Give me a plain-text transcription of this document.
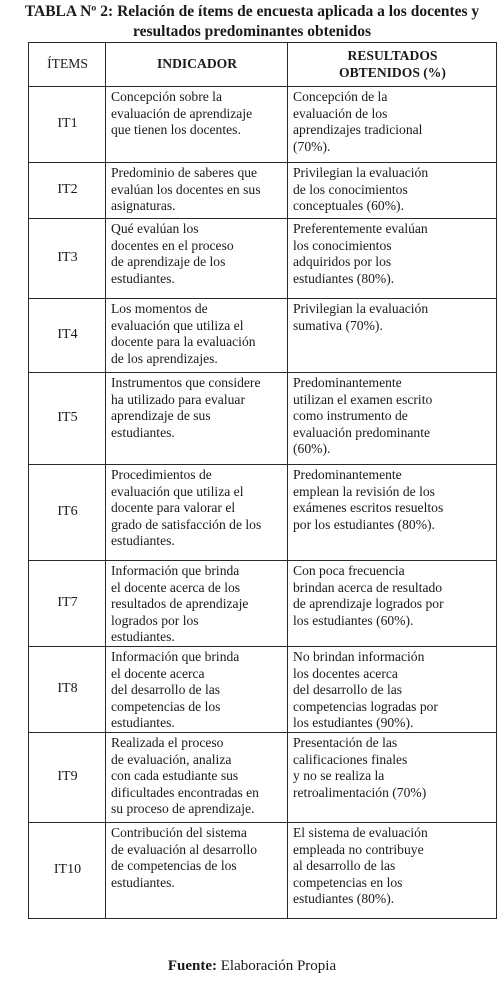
TABLA Nº 2: Relación de ítems de encuesta aplicada a los docentes y
resultados predominantes obtenidos
ÍTEMS	INDICADOR	RESULTADOS
OBTENIDOS (%)

IT1	Concepción sobre la
evaluación de aprendizaje
que tienen los docentes.	Concepción de la
evaluación de los
aprendizajes tradicional
(70%).

IT2	Predominio de saberes que
evalúan los docentes en sus
asignaturas.	Privilegian la evaluación
de los conocimientos
conceptuales (60%).

IT3	Qué evalúan los
docentes en el proceso
de aprendizaje de los
estudiantes.	Preferentemente evalúan
los conocimientos
adquiridos por los
estudiantes (80%).

IT4	Los momentos de
evaluación que utiliza el
docente para la evaluación
de los aprendizajes.	Privilegian la evaluación
sumativa (70%).

IT5	Instrumentos que considere
ha utilizado para evaluar
aprendizaje de sus
estudiantes.	Predominantemente
utilizan el examen escrito
como instrumento de
evaluación predominante
(60%).

IT6	Procedimientos de
evaluación que utiliza el
docente para valorar el
grado de satisfacción de los
estudiantes.	Predominantemente
emplean la revisión de los
exámenes escritos resueltos
por los estudiantes (80%).

IT7	Información que brinda
el docente acerca de los
resultados de aprendizaje
logrados por los
estudiantes.	Con poca frecuencia
brindan acerca de resultado
de aprendizaje logrados por
los estudiantes (60%).

IT8	Información que brinda
el docente acerca
del desarrollo de las
competencias de los
estudiantes.	No brindan información
los docentes acerca
del desarrollo de las
competencias logradas por
los estudiantes (90%).

IT9	Realizada el proceso
de evaluación, analiza
con cada estudiante sus
dificultades encontradas en
su proceso de aprendizaje.	Presentación de las
calificaciones finales
y no se realiza la
retroalimentación (70%)

IT10	Contribución del sistema
de evaluación al desarrollo
de competencias de los
estudiantes.	El sistema de evaluación
empleada no contribuye
al desarrollo de las
competencias en los
estudiantes (80%).
Fuente: Elaboración Propia
